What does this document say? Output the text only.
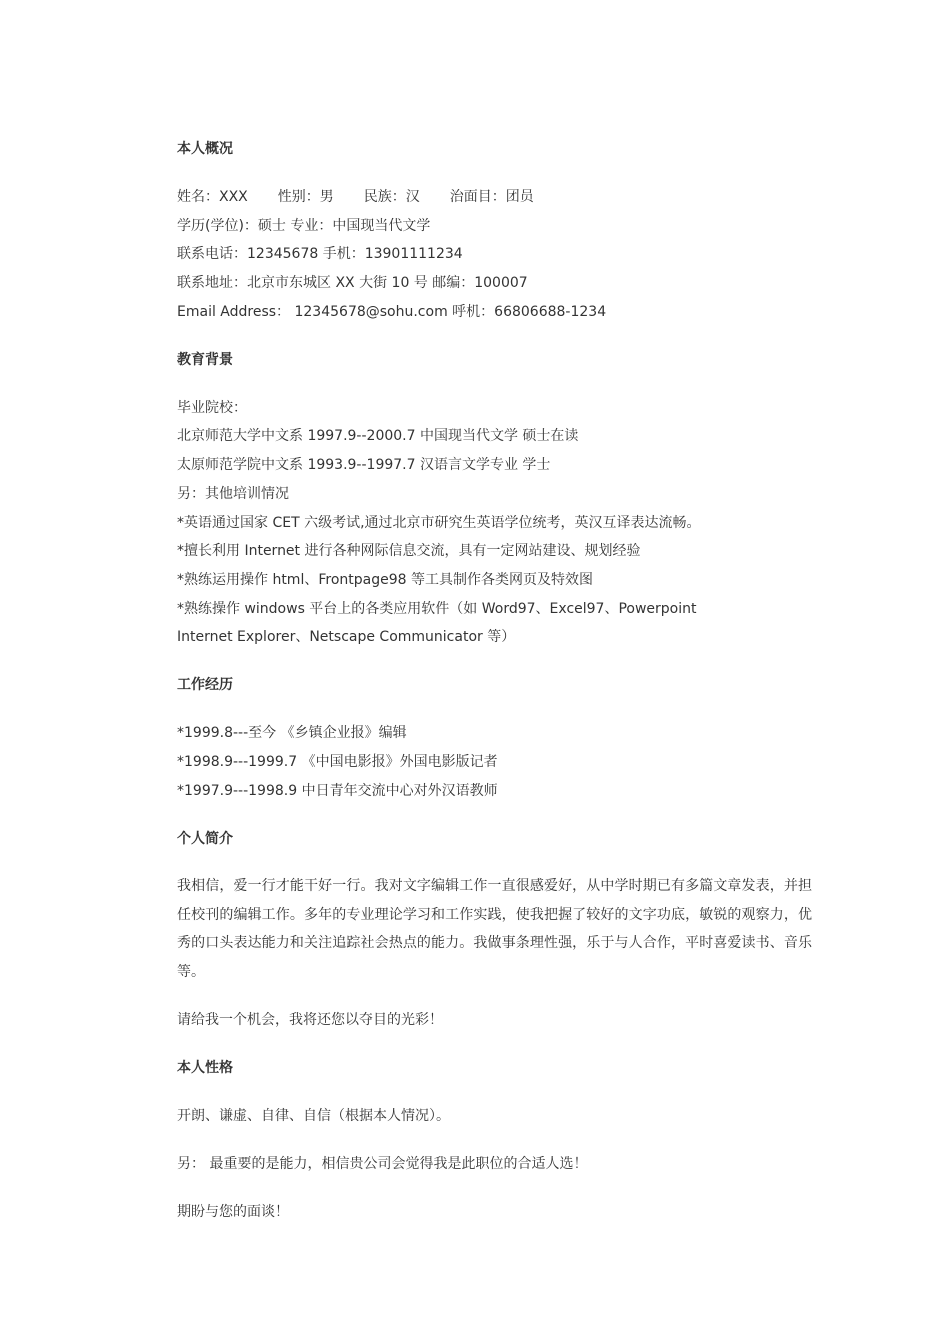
本人概况
姓名：XXX 性别：男 民族：汉 治面目：团员
学历(学位)：硕士 专业：中国现当代文学
联系电话：12345678 手机：13901111234
联系地址：北京市东城区 XX 大街 10 号 邮编：100007
Email Address： 12345678@sohu.com 呼机：66806688-1234
教育背景
毕业院校：
北京师范大学中文系 1997.9--2000.7 中国现当代文学 硕士在读
太原师范学院中文系 1993.9--1997.7 汉语言文学专业 学士
另：其他培训情况
*英语通过国家 CET 六级考试,通过北京市研究生英语学位统考，英汉互译表达流畅。
*擅长利用 Internet 进行各种网际信息交流，具有一定网站建设、规划经验
*熟练运用操作 html、Frontpage98 等工具制作各类网页及特效图
*熟练操作 windows 平台上的各类应用软件（如 Word97、Excel97、Powerpoint
Internet Explorer、Netscape Communicator 等）
工作经历
*1999.8---至今 《乡镇企业报》编辑
*1998.9---1999.7 《中国电影报》外国电影版记者
*1997.9---1998.9 中日青年交流中心对外汉语教师
个人简介
我相信，爱一行才能干好一行。我对文字编辑工作一直很感爱好，从中学时期已有多篇文章发表，并担任校刊的编辑工作。多年的专业理论学习和工作实践，使我把握了较好的文字功底，敏锐的观察力，优秀的口头表达能力和关注追踪社会热点的能力。我做事条理性强，乐于与人合作，平时喜爱读书、音乐等。
请给我一个机会，我将还您以夺目的光彩！
本人性格
开朗、谦虚、自律、自信（根据本人情况）。
另： 最重要的是能力，相信贵公司会觉得我是此职位的合适人选！
期盼与您的面谈！
